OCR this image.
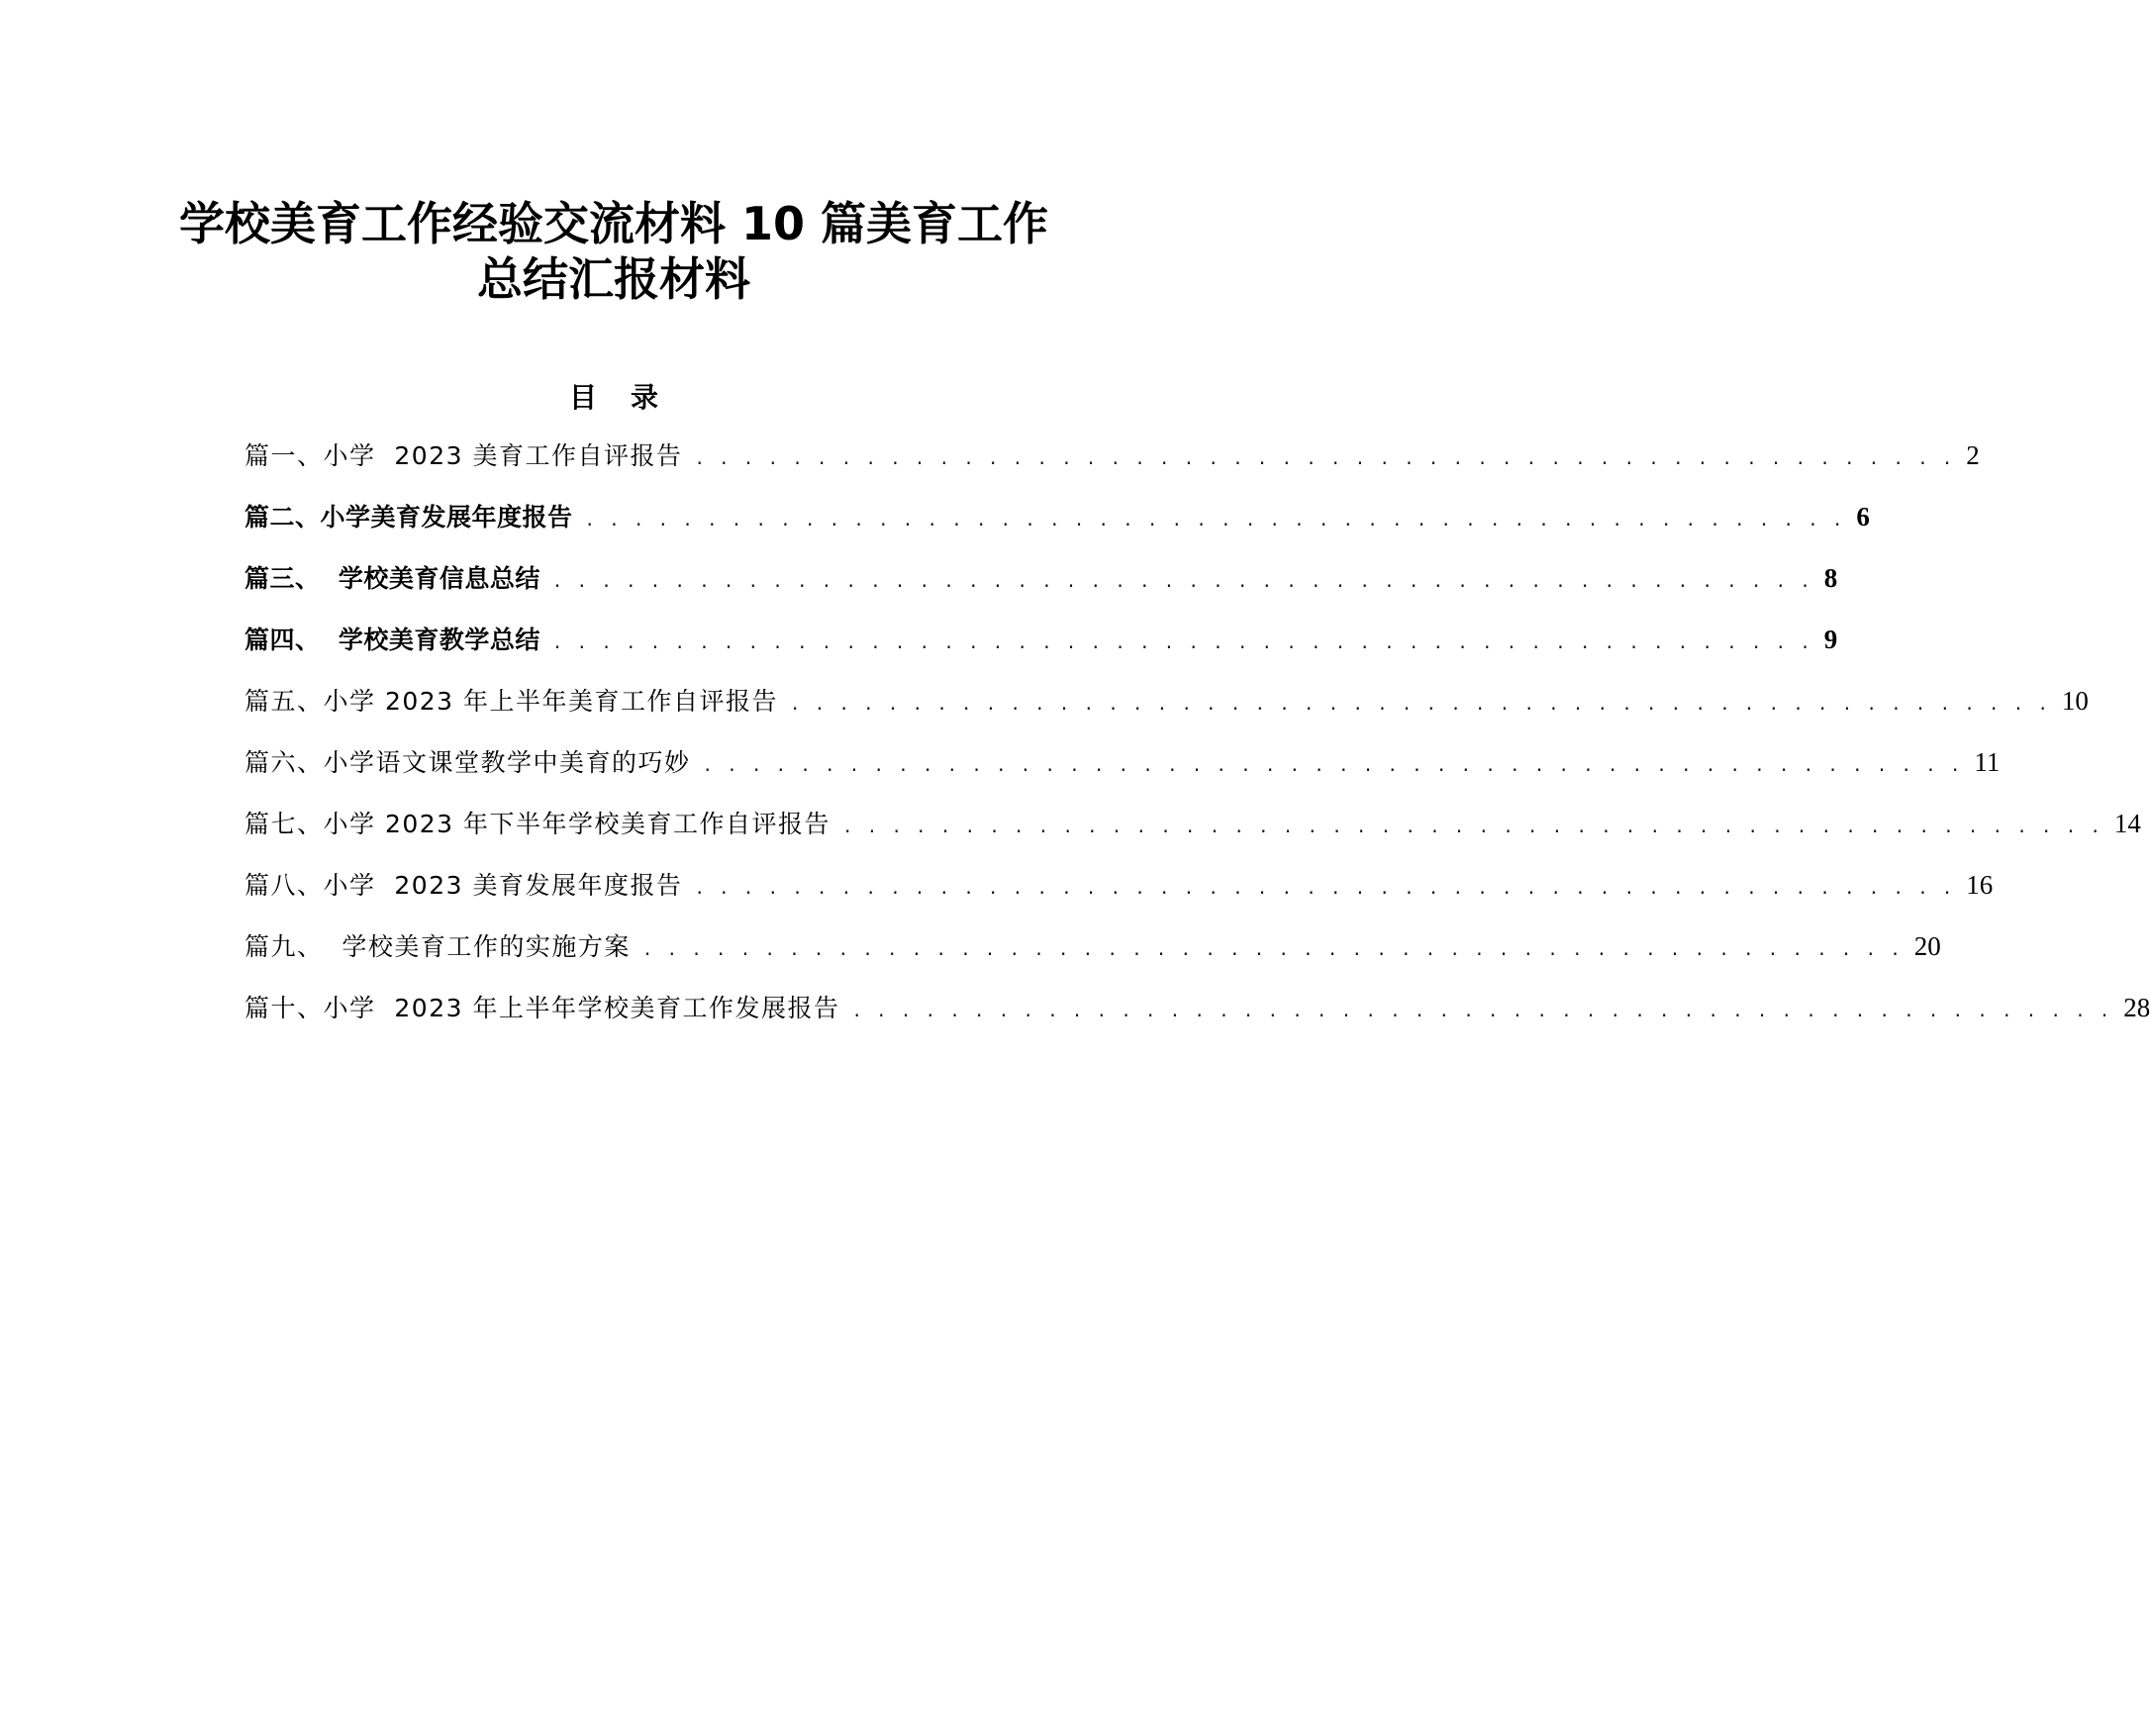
学校美育工作经验交流材料 10 篇美育工作
总结汇报材料
目录
篇一、小学  2023 美育工作自评报告 . . . . . . . . . . . . . . . . . . . . . . . . . . . . . . . . . . . . . . . . . . . . . . . . . . . . 2
篇二、小学美育发展年度报告 . . . . . . . . . . . . . . . . . . . . . . . . . . . . . . . . . . . . . . . . . . . . . . . . . . . . 6
篇三、  学校美育信息总结 . . . . . . . . . . . . . . . . . . . . . . . . . . . . . . . . . . . . . . . . . . . . . . . . . . . . 8
篇四、  学校美育教学总结 . . . . . . . . . . . . . . . . . . . . . . . . . . . . . . . . . . . . . . . . . . . . . . . . . . . . 9
篇五、小学 2023 年上半年美育工作自评报告 . . . . . . . . . . . . . . . . . . . . . . . . . . . . . . . . . . . . . . . . . . . . . . . . . . . . 10
篇六、小学语文课堂教学中美育的巧妙 . . . . . . . . . . . . . . . . . . . . . . . . . . . . . . . . . . . . . . . . . . . . . . . . . . . . 11
篇七、小学 2023 年下半年学校美育工作自评报告 . . . . . . . . . . . . . . . . . . . . . . . . . . . . . . . . . . . . . . . . . . . . . . . . . . . . 14
篇八、小学  2023 美育发展年度报告 . . . . . . . . . . . . . . . . . . . . . . . . . . . . . . . . . . . . . . . . . . . . . . . . . . . . 16
篇九、  学校美育工作的实施方案 . . . . . . . . . . . . . . . . . . . . . . . . . . . . . . . . . . . . . . . . . . . . . . . . . . . . 20
篇十、小学  2023 年上半年学校美育工作发展报告 . . . . . . . . . . . . . . . . . . . . . . . . . . . . . . . . . . . . . . . . . . . . . . . . . . . . 28
